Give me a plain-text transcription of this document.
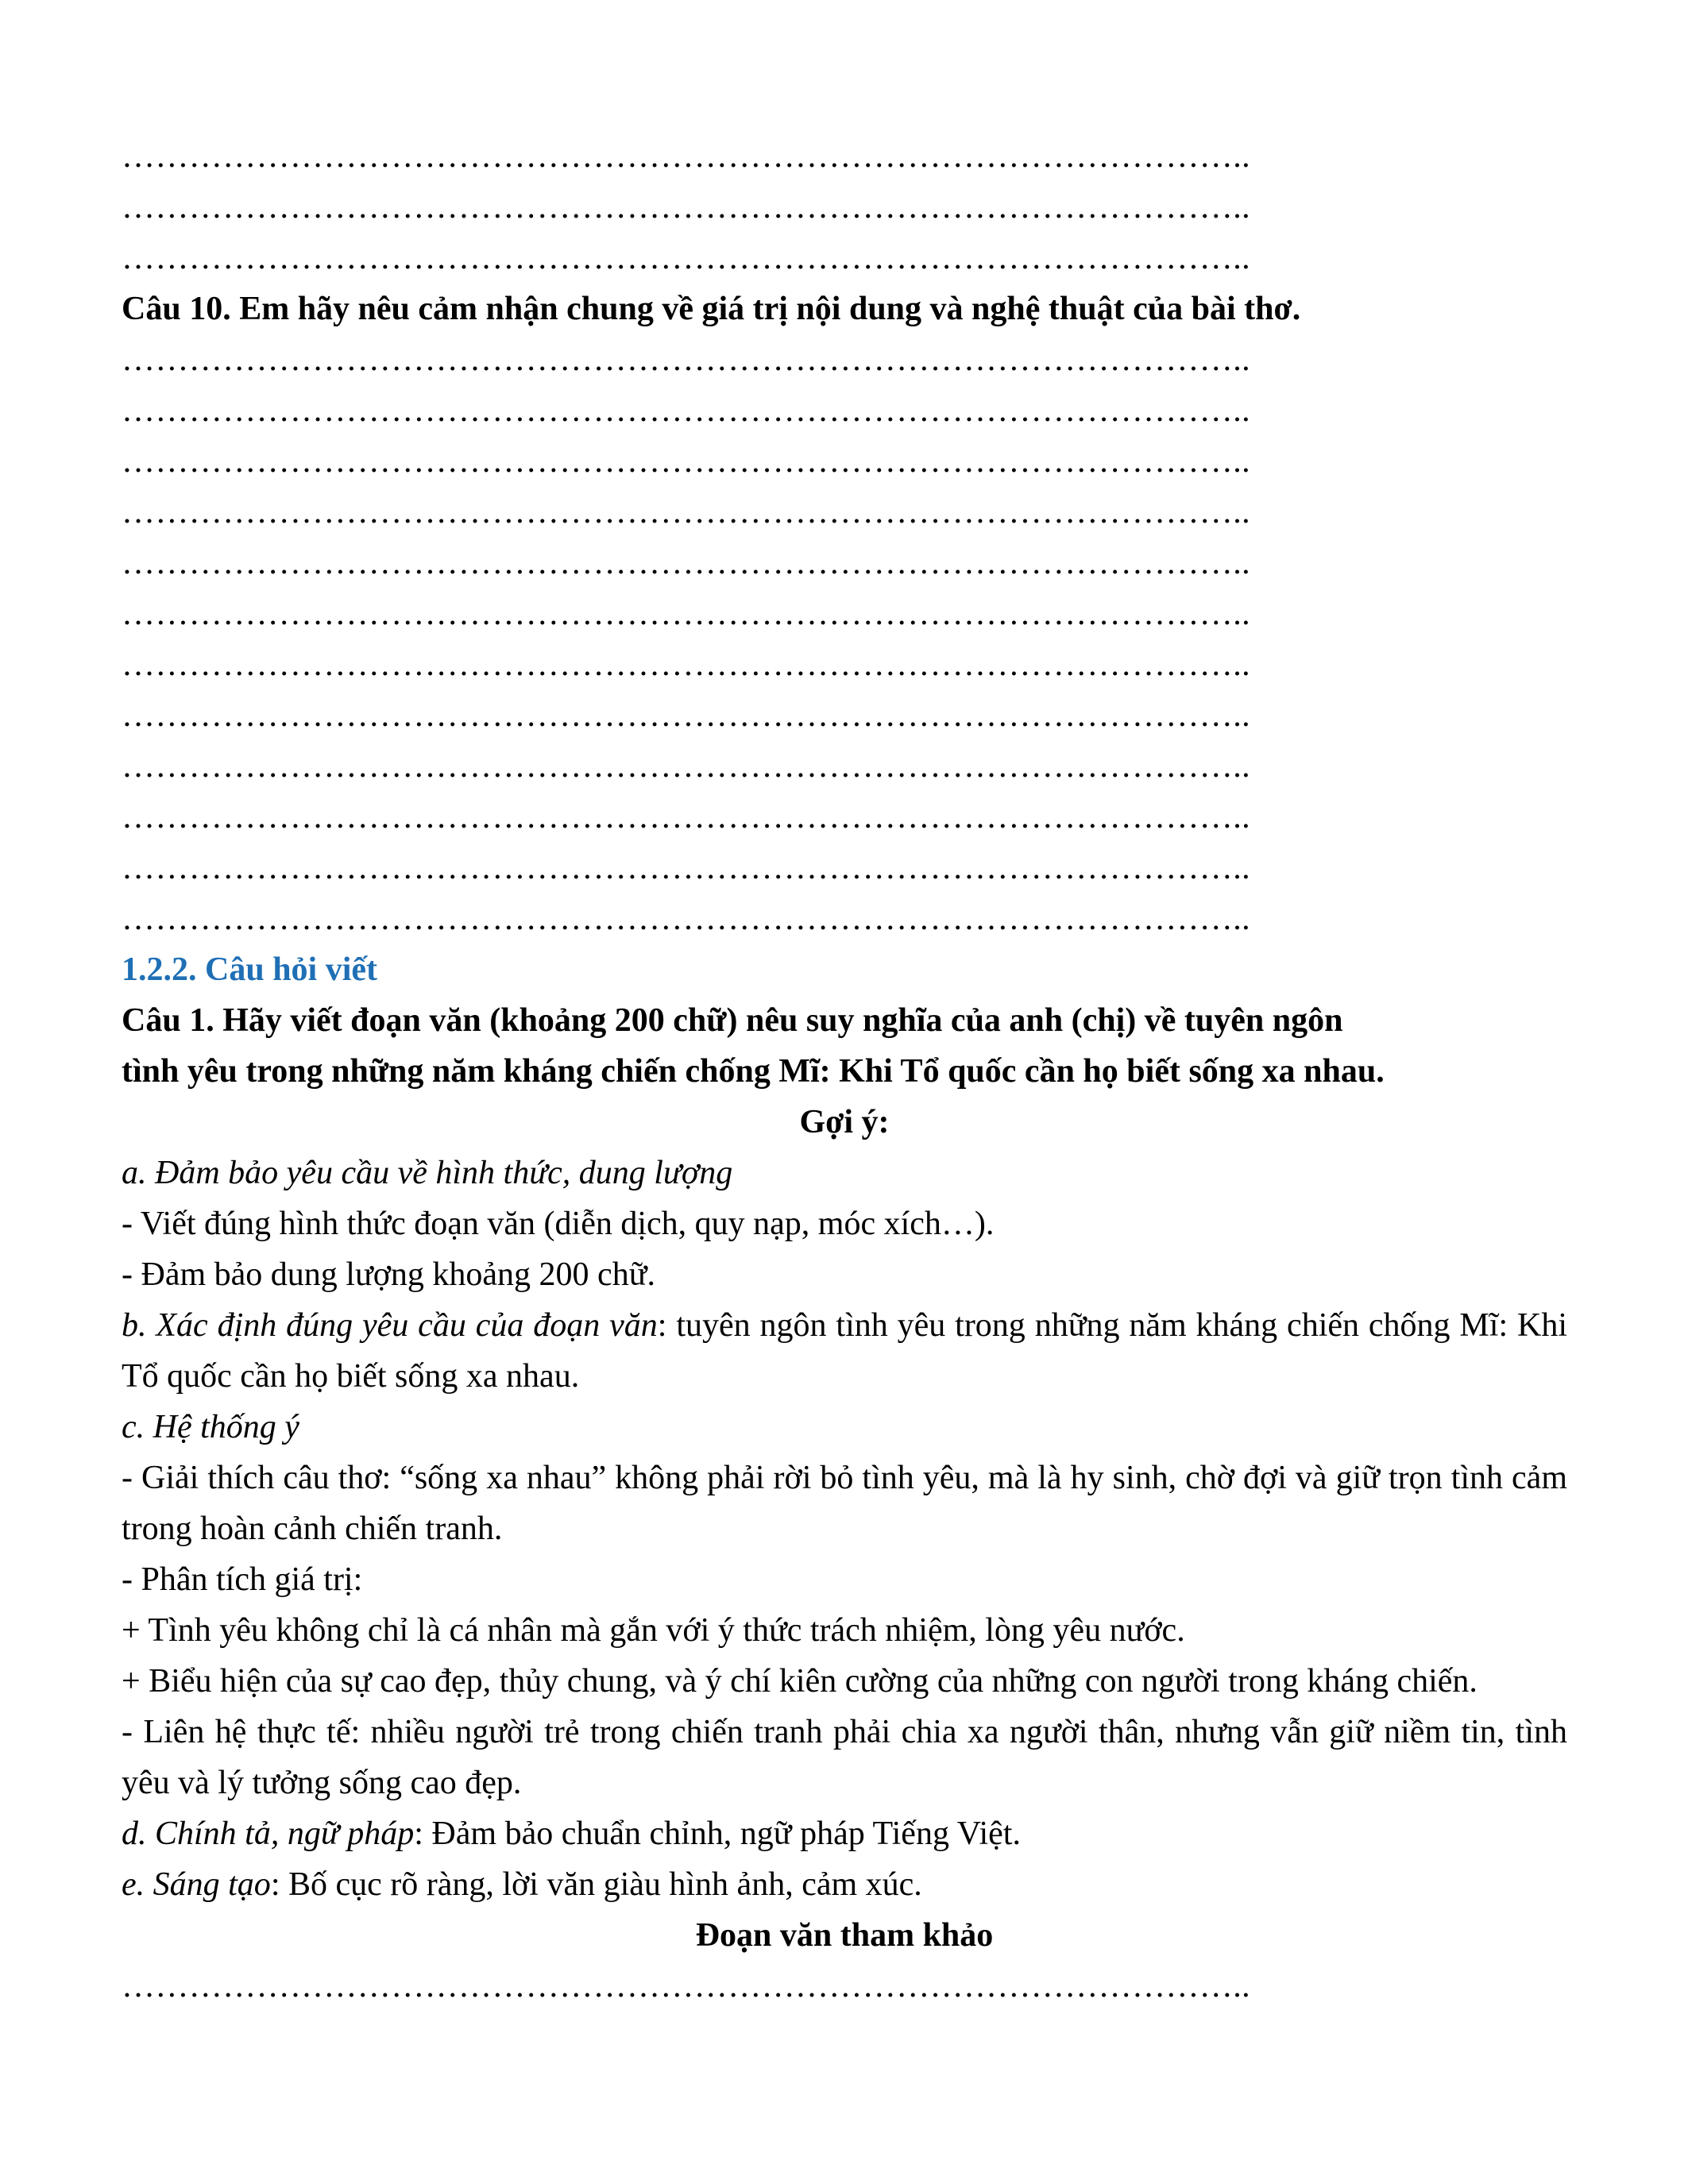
………………………………………………………………………………………..
………………………………………………………………………………………..
………………………………………………………………………………………..
Câu 10. Em hãy nêu cảm nhận chung về giá trị nội dung và nghệ thuật của bài thơ.
………………………………………………………………………………………..
………………………………………………………………………………………..
………………………………………………………………………………………..
………………………………………………………………………………………..
………………………………………………………………………………………..
………………………………………………………………………………………..
………………………………………………………………………………………..
………………………………………………………………………………………..
………………………………………………………………………………………..
………………………………………………………………………………………..
………………………………………………………………………………………..
………………………………………………………………………………………..
1.2.2. Câu hỏi viết
Câu 1. Hãy viết đoạn văn (khoảng 200 chữ) nêu suy nghĩa của anh (chị) về tuyên ngôn
tình yêu trong những năm kháng chiến chống Mĩ: Khi Tổ quốc cần họ biết sống xa nhau.
Gợi ý:
a. Đảm bảo yêu cầu về hình thức, dung lượng
- Viết đúng hình thức đoạn văn (diễn dịch, quy nạp, móc xích…).
- Đảm bảo dung lượng khoảng 200 chữ.
b. Xác định đúng yêu cầu của đoạn văn: tuyên ngôn tình yêu trong những năm kháng chiến chống Mĩ: Khi Tổ quốc cần họ biết sống xa nhau.
c. Hệ thống ý
- Giải thích câu thơ: “sống xa nhau” không phải rời bỏ tình yêu, mà là hy sinh, chờ đợi và giữ trọn tình cảm trong hoàn cảnh chiến tranh.
- Phân tích giá trị:
+ Tình yêu không chỉ là cá nhân mà gắn với ý thức trách nhiệm, lòng yêu nước.
+ Biểu hiện của sự cao đẹp, thủy chung, và ý chí kiên cường của những con người trong kháng chiến.
- Liên hệ thực tế: nhiều người trẻ trong chiến tranh phải chia xa người thân, nhưng vẫn giữ niềm tin, tình yêu và lý tưởng sống cao đẹp.
d. Chính tả, ngữ pháp: Đảm bảo chuẩn chỉnh, ngữ pháp Tiếng Việt.
e. Sáng tạo: Bố cục rõ ràng, lời văn giàu hình ảnh, cảm xúc.
Đoạn văn tham khảo
………………………………………………………………………………………..
